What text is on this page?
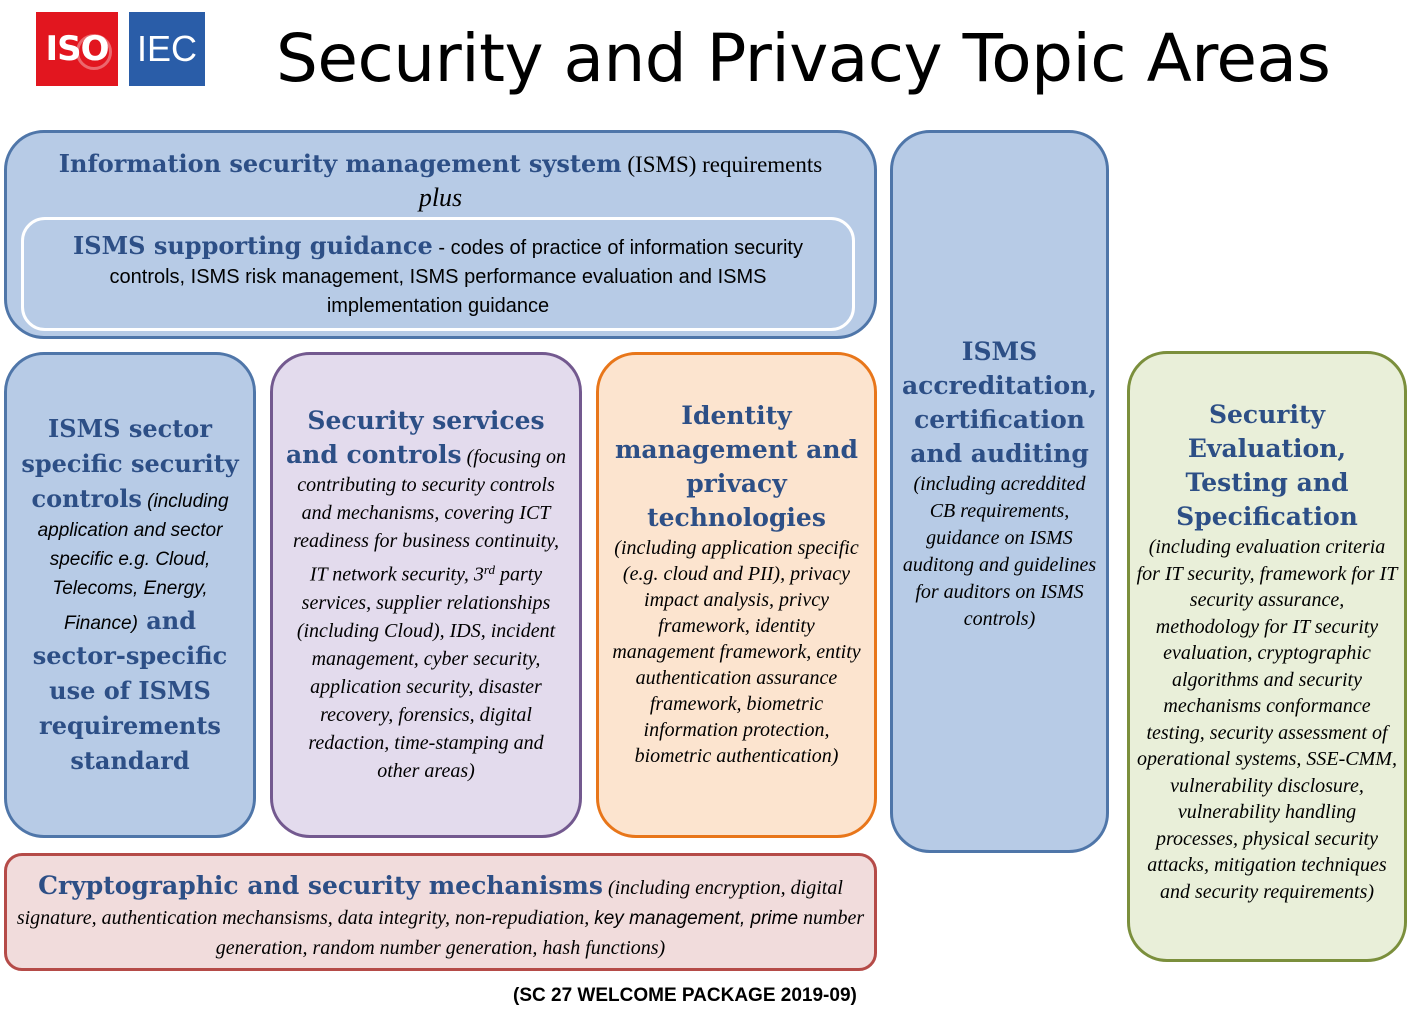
ISO IEC Security and Privacy Topic Areas
Information security management system (ISMS) requirements
plus
ISMS supporting guidance - codes of practice of information security controls, ISMS risk management, ISMS performance evaluation and ISMS implementation guidance
ISMS sector specific security controls (including application and sector specific e.g. Cloud, Telecoms, Energy, Finance) and sector-specific use of ISMS requirements standard
Security services and controls (focusing on contributing to security controls and mechanisms, covering ICT readiness for business continuity, IT network security, 3rd party services, supplier relationships (including Cloud), IDS, incident management, cyber security, application security, disaster recovery, forensics, digital redaction, time-stamping and other areas)
Identity management and privacy technologies
(including application specific (e.g. cloud and PII), privacy impact analysis, privcy framework, identity management framework, entity authentication assurance framework, biometric information protection, biometric authentication)
ISMS accreditation, certification and auditing
(including acreddited CB requirements, guidance on ISMS auditong and guidelines for auditors on ISMS controls)
Security Evaluation, Testing and Specification
(including evaluation criteria for IT security, framework for IT security assurance, methodology for IT security evaluation, cryptographic algorithms and security mechanisms conformance testing, security assessment of operational systems, SSE-CMM, vulnerability disclosure, vulnerability handling processes, physical security attacks, mitigation techniques and security requirements)
Cryptographic and security mechanisms (including encryption, digital signature, authentication mechansisms, data integrity, non-repudiation, key management, prime number generation, random number generation, hash functions)
(SC 27 WELCOME PACKAGE 2019-09)
